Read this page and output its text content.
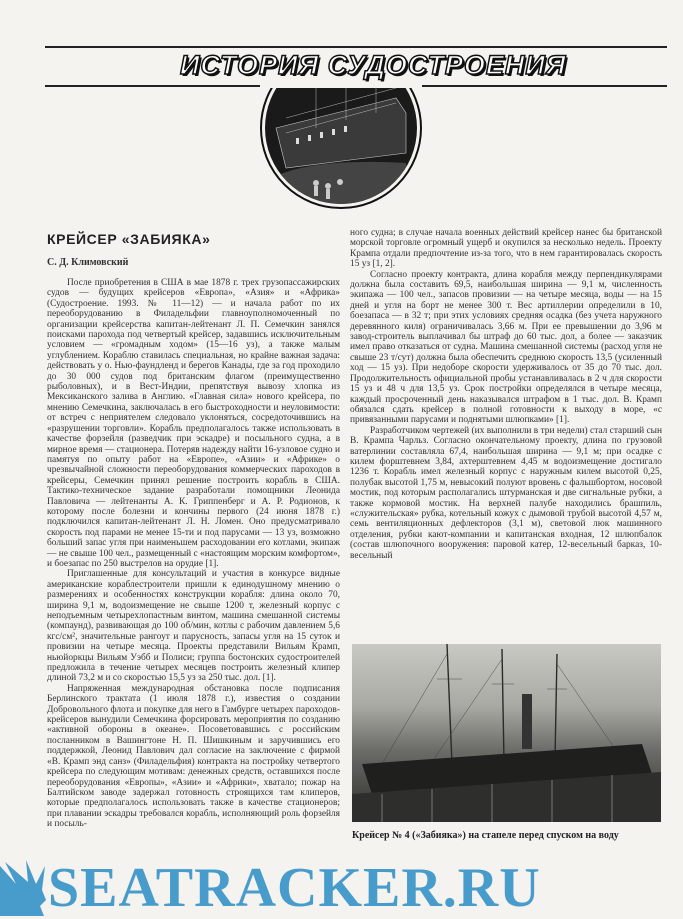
ИСТОРИЯ СУДОСТРОЕНИЯ
КРЕЙСЕР «ЗАБИЯКА»
С. Д. Климовский

После приобретения в США в мае 1878 г. трех грузопассажирских судов — будущих крейсеров «Европа», «Азия» и «Африка» (Судостроение. 1993. № 11—12) — и начала работ по их переоборудованию в Филадельфии главноуполномоченный по организации крейсерства капитан-лейтенант Л. П. Семечкин занялся поисками парохода под четвертый крейсер, задавшись исключительным условием — «громадным ходом» (15—16 уз), а также малым углублением. Кораблю ставилась специальная, но крайне важная задача: действовать у о. Нью-фаундленд и берегов Канады, где за год проходило до 30 000 судов под британским флагом (преимущественно рыболовных), и в Вест-Индии, препятствуя вывозу хлопка из Мексиканского залива в Англию. «Главная сила» нового крейсера, по мнению Семечкина, заключалась в его быстроходности и неуловимости: от встреч с неприятелем следовало уклоняться, сосредоточившись на «разрушении торговли». Корабль предполагалось также использовать в качестве форзейля (разведчик при эскадре) и посыльного судна, а в мирное время — стационера. Потеряв надежду найти 16-узловое судно и памятуя по опыту работ на «Европе», «Азии» и «Африке» о чрезвычайной сложности переоборудования коммерческих пароходов в крейсеры, Семечкин принял решение построить корабль в США. Тактико-техническое задание разработали помощники Леонида Павловича — лейтенанты А. К. Гриппенберг и А. Р. Родионов, к которому после болезни и кончины первого (24 июня 1878 г.) подключился капитан-лейтенант Л. Н. Ломен. Оно предусматривало скорость под парами не менее 15-ти и под парусами — 13 уз, возможно больший запас угля при наименьшем расходовании его котлами, экипаж — не свыше 100 чел., размещенный с «настоящим морским комфортом», и боезапас по 250 выстрелов на орудие [1].

Приглашенные для консультаций и участия в конкурсе видные американские кораблестроители пришли к единодушному мнению о размерениях и особенностях конструкции корабля: длина около 70, ширина 9,1 м, водоизмещение не свыше 1200 т, железный корпус с неподъемным четырехлопастным винтом, машина смешанной системы (компаунд), развивающая до 100 об/мин, котлы с рабочим давлением 5,6 кгс/см², значительные рангоут и парусность, запасы угля на 15 суток и провизии на четыре месяца. Проекты представили Вильям Крамп, ньюйоркцы Вильям Уэбб и Полиси; группа бостонских судостроителей предложила в течение четырех месяцев построить железный клипер длиной 73,2 м и со скоростью 15,5 уз за 250 тыс. дол. [1].

Напряженная международная обстановка после подписания Берлинского трактата (1 июля 1878 г.), известия о создании Добровольного флота и покупке для него в Гамбурге четырех пароходов-крейсеров вынудили Семечкина форсировать мероприятия по созданию «активной обороны в океане». Посоветовавшись с российским посланником в Вашингтоне Н. П. Шишкиным и заручившись его поддержкой, Леонид Павлович дал согласие на заключение с фирмой «В. Крамп энд санз» (Филадельфия) контракта на постройку четвертого крейсера по следующим мотивам: денежных средств, оставшихся после переоборудования «Европы», «Азии» и «Африки», хватало; пожар на Балтийском заводе задержал готовность строящихся там клиперов, которые предполагалось использовать также в качестве стационеров; при плавании эскадры требовался корабль, исполняющий роль форзейля и посыль-

ного судна; в случае начала военных действий крейсер нанес бы британской морской торговле огромный ущерб и окупился за несколько недель. Проекту Крампа отдали предпочтение из-за того, что в нем гарантировалась скорость 15 уз [1, 2].

Согласно проекту контракта, длина корабля между перпендикулярами должна была составить 69,5, наибольшая ширина — 9,1 м, численность экипажа — 100 чел., запасов провизии — на четыре месяца, воды — на 15 дней и угля на борт не менее 300 т. Вес артиллерии определили в 10, боезапаса — в 32 т; при этих условиях средняя осадка (без учета наружного деревянного киля) ограничивалась 3,66 м. При ее превышении до 3,96 м завод-строитель выплачивал бы штраф до 60 тыс. дол, а более — заказчик имел право отказаться от судна. Машина смешанной системы (расход угля не свыше 23 т/сут) должна была обеспечить среднюю скорость 13,5 (усиленный ход — 15 уз). При недоборе скорости удерживалось от 35 до 70 тыс. дол. Продолжительность официальной пробы устанавливалась в 2 ч для скорости 15 уз и 48 ч для 13,5 уз. Срок постройки определялся в четыре месяца, каждый просроченный день наказывался штрафом в 1 тыс. дол. В. Крамп обязался сдать крейсер в полной готовности к выходу в море, «с привязанными парусами и поднятыми шлюпками» [1].

Разработчиком чертежей (их выполнили в три недели) стал старший сын В. Крампа Чарльз. Согласно окончательному проекту, длина по грузовой ватерлинии составляла 67,4, наибольшая ширина — 9,1 м; при осадке с килем форштевнем 3,84, ахтерштевнем 4,45 м водоизмещение достигало 1236 т. Корабль имел железный корпус с наружным килем высотой 0,25, полубак высотой 1,75 м, невысокий полуют вровень с фальшбортом, носовой мостик, под которым располагались штурманская и две сигнальные рубки, а также кормовой мостик. На верхней палубе находились брашпиль, «служительская» рубка, котельный кожух с дымовой трубой высотой 4,57 м, семь вентиляционных дефлекторов (3,1 м), световой люк машинного отделения, рубки кают-компании и капитанская входная, 12 шлюпбалок (состав шлюпочного вооружения: паровой катер, 12-весельный барказ, 10-весельный

Крейсер № 4 («Забияка») на стапеле перед спуском на воду
SEATRACKER.RU
